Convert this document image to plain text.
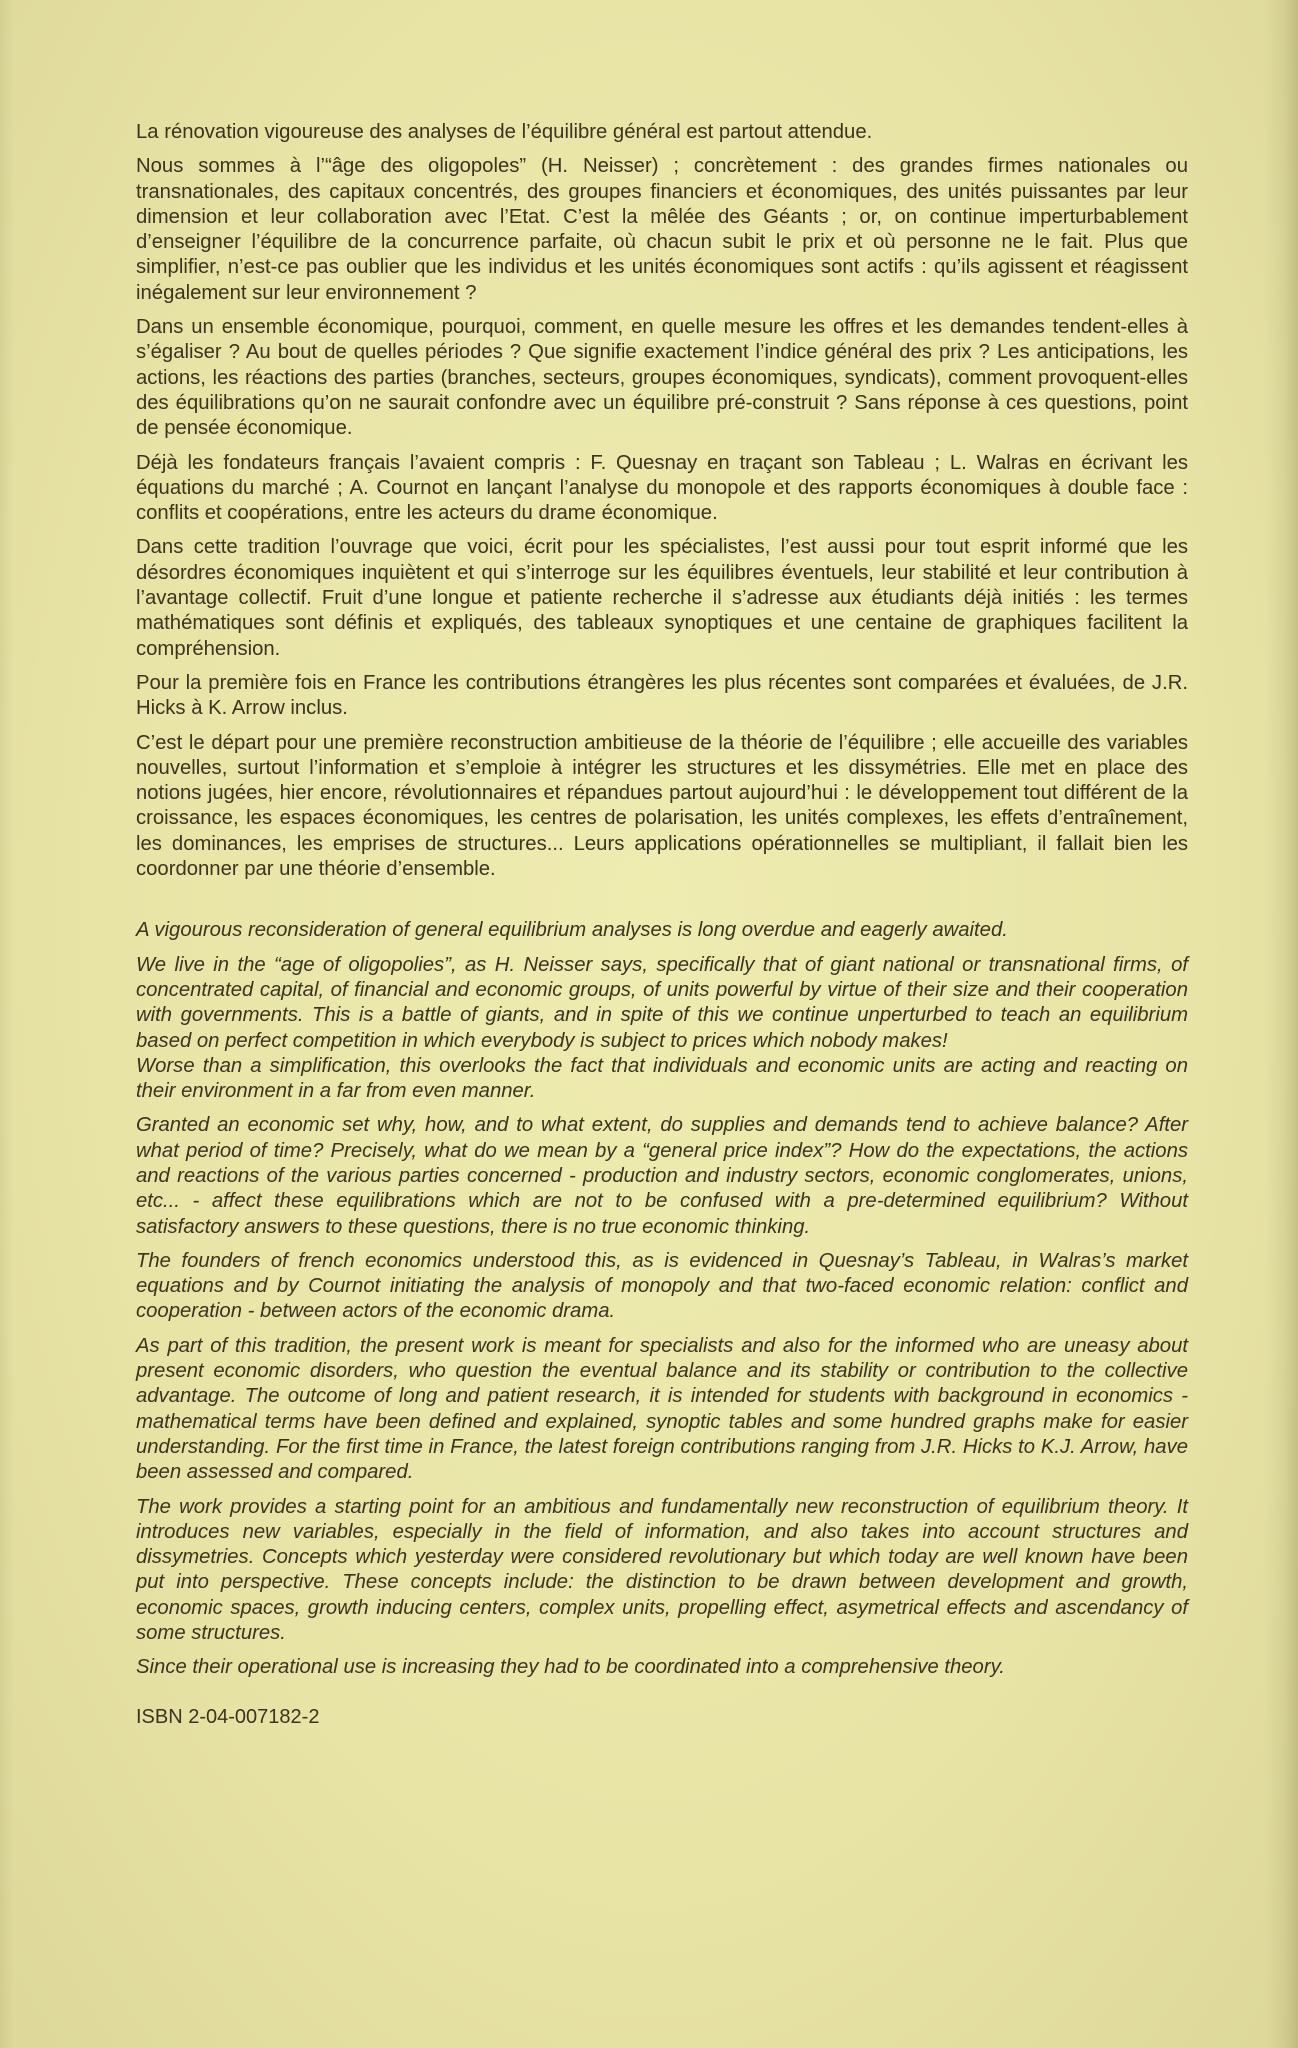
La rénovation vigoureuse des analyses de l’équilibre général est partout attendue.

Nous sommes à l’“âge des oligopoles” (H. Neisser) ; concrètement : des grandes firmes nationales ou transnationales, des capitaux concentrés, des groupes financiers et économiques, des unités puissantes par leur dimension et leur collaboration avec l’Etat. C’est la mêlée des Géants ; or, on continue imperturbablement d’enseigner l’équilibre de la concurrence parfaite, où chacun subit le prix et où personne ne le fait. Plus que simplifier, n’est-ce pas oublier que les individus et les unités économiques sont actifs : qu’ils agissent et réagissent inégalement sur leur environnement ?

Dans un ensemble économique, pourquoi, comment, en quelle mesure les offres et les demandes tendent-elles à s’égaliser ? Au bout de quelles périodes ? Que signifie exactement l’indice général des prix ? Les anticipations, les actions, les réactions des parties (branches, secteurs, groupes économiques, syndicats), comment provoquent-elles des équilibrations qu’on ne saurait confondre avec un équilibre pré-construit ? Sans réponse à ces questions, point de pensée économique.

Déjà les fondateurs français l’avaient compris : F. Quesnay en traçant son Tableau ; L. Walras en écrivant les équations du marché ; A. Cournot en lançant l’analyse du monopole et des rapports économiques à double face : conflits et coopérations, entre les acteurs du drame économique.

Dans cette tradition l’ouvrage que voici, écrit pour les spécialistes, l’est aussi pour tout esprit informé que les désordres économiques inquiètent et qui s’interroge sur les équilibres éventuels, leur stabilité et leur contribution à l’avantage collectif. Fruit d’une longue et patiente recherche il s’adresse aux étudiants déjà initiés : les termes mathématiques sont définis et expliqués, des tableaux synoptiques et une centaine de graphiques facilitent la compréhension.

Pour la première fois en France les contributions étrangères les plus récentes sont comparées et évaluées, de J.R. Hicks à K. Arrow inclus.

C’est le départ pour une première reconstruction ambitieuse de la théorie de l’équilibre ; elle accueille des variables nouvelles, surtout l’information et s’emploie à intégrer les structures et les dissymétries. Elle met en place des notions jugées, hier encore, révolutionnaires et répandues partout aujourd’hui : le développement tout différent de la croissance, les espaces économiques, les centres de polarisation, les unités complexes, les effets d’entraînement, les dominances, les emprises de structures... Leurs applications opérationnelles se multipliant, il fallait bien les coordonner par une théorie d’ensemble.

A vigourous reconsideration of general equilibrium analyses is long overdue and eagerly awaited.

We live in the “age of oligopolies”, as H. Neisser says, specifically that of giant national or transnational firms, of concentrated capital, of financial and economic groups, of units powerful by virtue of their size and their cooperation with governments. This is a battle of giants, and in spite of this we continue unperturbed to teach an equilibrium based on perfect competition in which everybody is subject to prices which nobody makes!

Worse than a simplification, this overlooks the fact that individuals and economic units are acting and reacting on their environment in a far from even manner.

Granted an economic set why, how, and to what extent, do supplies and demands tend to achieve balance? After what period of time? Precisely, what do we mean by a “general price index”? How do the expectations, the actions and reactions of the various parties concerned - production and industry sectors, economic conglomerates, unions, etc... - affect these equilibrations which are not to be confused with a pre-determined equilibrium? Without satisfactory answers to these questions, there is no true economic thinking.

The founders of french economics understood this, as is evidenced in Quesnay’s Tableau, in Walras’s market equations and by Cournot initiating the analysis of monopoly and that two-faced economic relation: conflict and cooperation - between actors of the economic drama.

As part of this tradition, the present work is meant for specialists and also for the informed who are uneasy about present economic disorders, who question the eventual balance and its stability or contribution to the collective advantage. The outcome of long and patient research, it is intended for students with background in economics - mathematical terms have been defined and explained, synoptic tables and some hundred graphs make for easier understanding. For the first time in France, the latest foreign contributions ranging from J.R. Hicks to K.J. Arrow, have been assessed and compared.

The work provides a starting point for an ambitious and fundamentally new reconstruction of equilibrium theory. It introduces new variables, especially in the field of information, and also takes into account structures and dissymetries. Concepts which yesterday were considered revolutionary but which today are well known have been put into perspective. These concepts include: the distinction to be drawn between development and growth, economic spaces, growth inducing centers, complex units, propelling effect, asymetrical effects and ascendancy of some structures.

Since their operational use is increasing they had to be coordinated into a comprehensive theory.

ISBN 2-04-007182-2
